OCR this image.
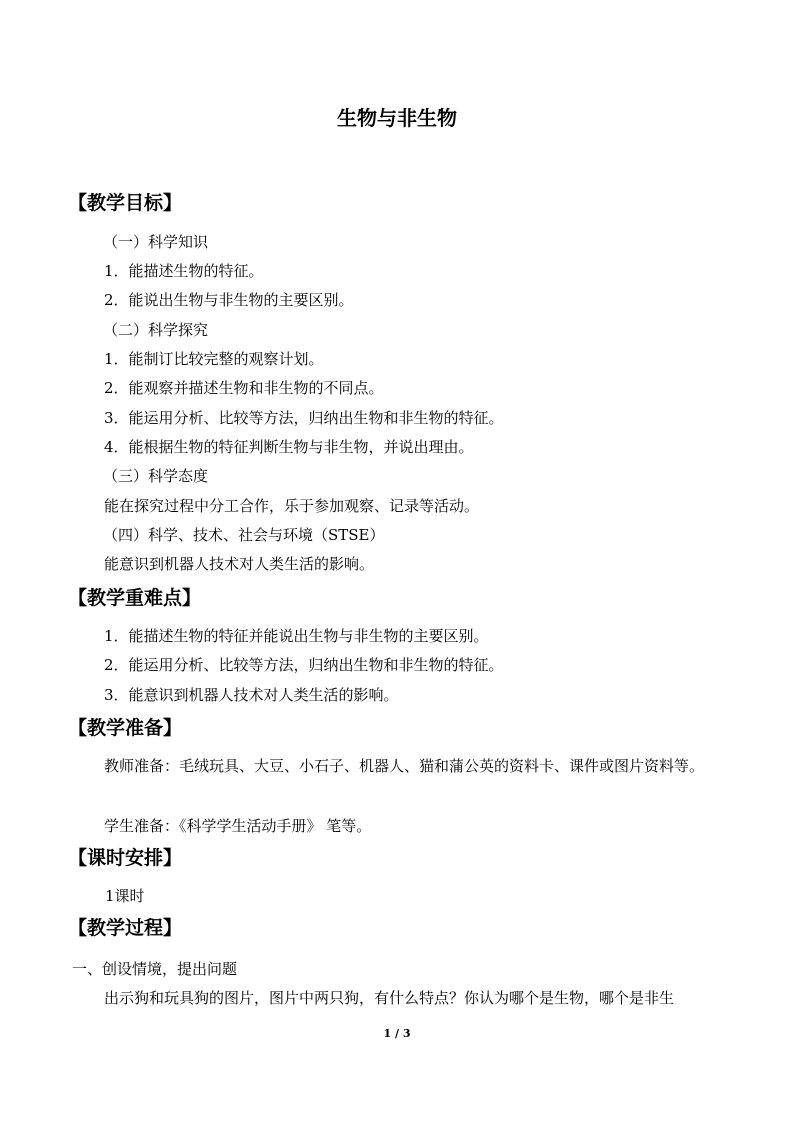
生物与非生物
【教学目标】
（一）科学知识
1．能描述生物的特征。
2．能说出生物与非生物的主要区别。
（二）科学探究
1．能制订比较完整的观察计划。
2．能观察并描述生物和非生物的不同点。
3．能运用分析、比较等方法，归纳出生物和非生物的特征。
4．能根据生物的特征判断生物与非生物，并说出理由。
（三）科学态度
能在探究过程中分工合作，乐于参加观察、记录等活动。
（四）科学、技术、社会与环境（STSE）
能意识到机器人技术对人类生活的影响。
【教学重难点】
1．能描述生物的特征并能说出生物与非生物的主要区别。
2．能运用分析、比较等方法，归纳出生物和非生物的特征。
3．能意识到机器人技术对人类生活的影响。
【教学准备】
教师准备：毛绒玩具、大豆、小石子、机器人、猫和蒲公英的资料卡、课件或图片资料等。
学生准备：《科学学生活动手册》 笔等。
【课时安排】
1课时
【教学过程】
一、创设情境，提出问题
出示狗和玩具狗的图片，图片中两只狗，有什么特点？你认为哪个是生物，哪个是非生
1 / 3
